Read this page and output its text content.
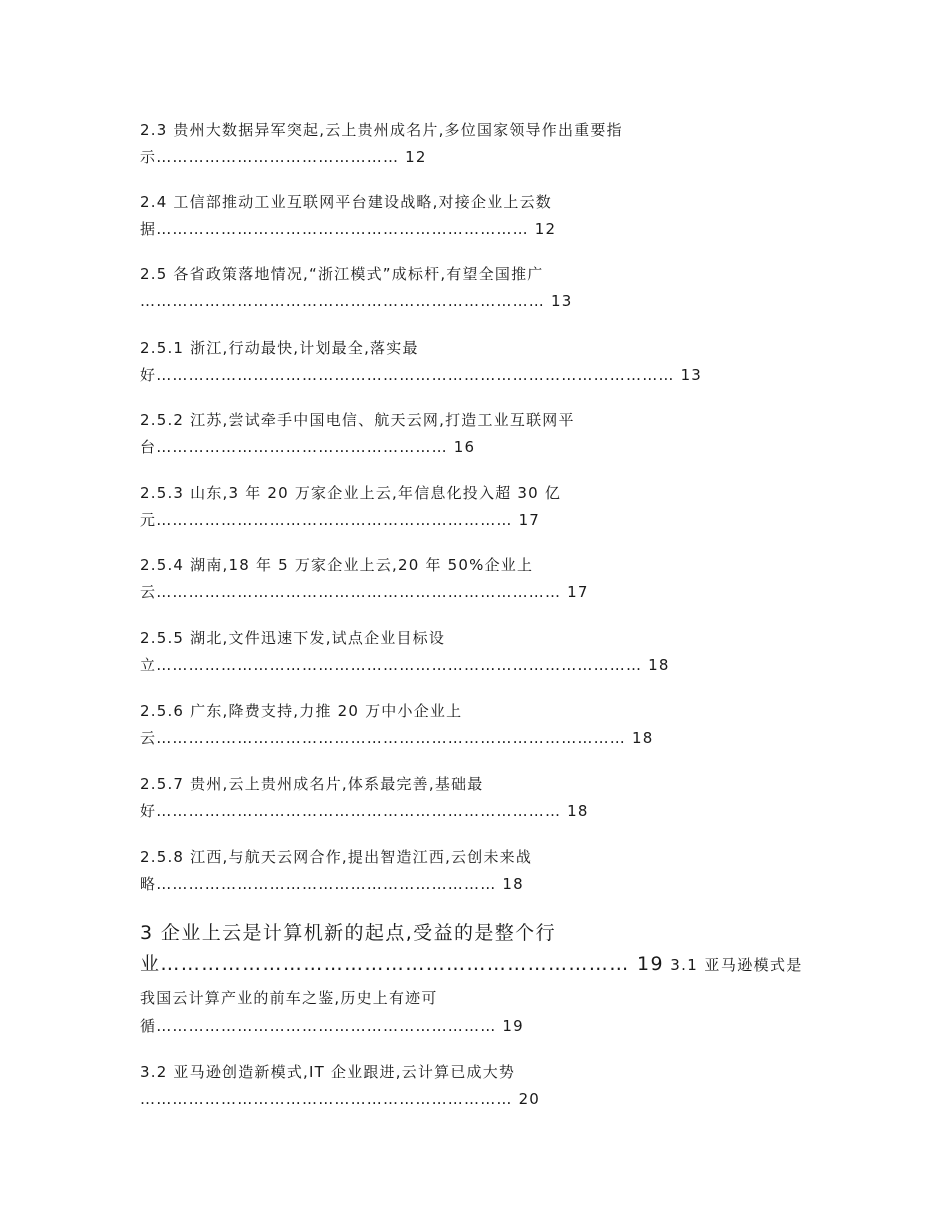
2.3 贵州大数据异军突起,云上贵州成名片,多位国家领导作出重要指
示……………………………………… 12
2.4 工信部推动工业互联网平台建设战略,对接企业上云数
据…………………………………………………………… 12
2.5 各省政策落地情况,“浙江模式”成标杆,有望全国推广
………………………………………………………………… 13
2.5.1 浙江,行动最快,计划最全,落实最
好…………………………………………………………………………………… 13
2.5.2 江苏,尝试牵手中国电信、航天云网,打造工业互联网平
台……………………………………………… 16
2.5.3 山东,3 年 20 万家企业上云,年信息化投入超 30 亿
元………………………………………………………… 17
2.5.4 湖南,18 年 5 万家企业上云,20 年 50%企业上
云………………………………………………………………… 17
2.5.5 湖北,文件迅速下发,试点企业目标设
立……………………………………………………………………………… 18
2.5.6 广东,降费支持,力推 20 万中小企业上
云…………………………………………………………………………… 18
2.5.7 贵州,云上贵州成名片,体系最完善,基础最
好………………………………………………………………… 18
2.5.8 江西,与航天云网合作,提出智造江西,云创未来战
略……………………………………………………… 18
3 企业上云是计算机新的起点,受益的是整个行
业…………………………………………………………… 19 3.1 亚马逊模式是
我国云计算产业的前车之鉴,历史上有迹可
循……………………………………………………… 19
3.2 亚马逊创造新模式,IT 企业跟进,云计算已成大势
…………………………………………………………… 20
